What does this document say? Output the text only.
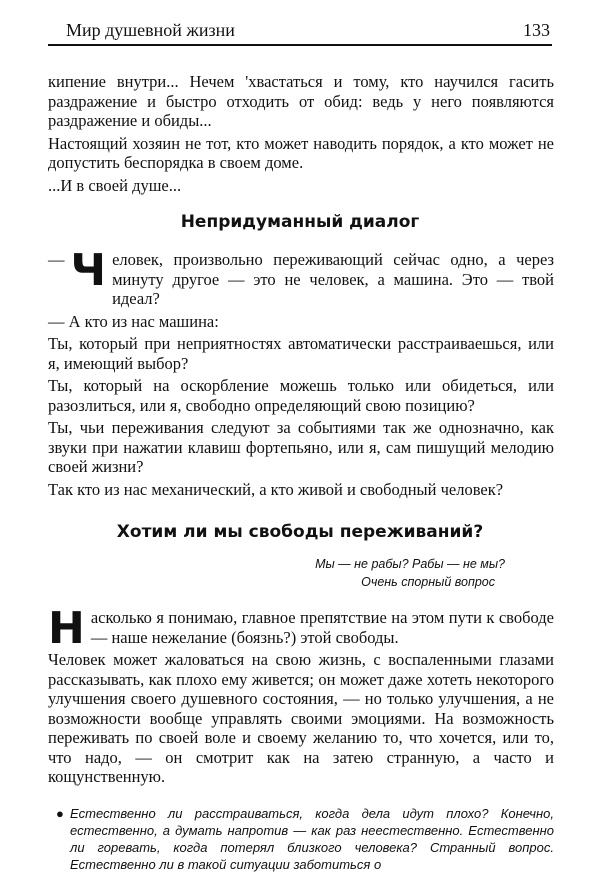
Мир душевной жизни	133

кипение внутри... Нечем 'хвастаться и тому, кто научился гасить раздражение и быстро отходить от обид: ведь у него появляются раздражение и обиды...

Настоящий хозяин не тот, кто может наводить порядок, а кто может не допустить беспорядка в своем доме.

...И в своей душе...

Непридуманный диалог

— Ч еловек, произвольно переживающий сейчас одно, а через минуту другое — это не человек, а машина. Это — твой идеал?

— А кто из нас машина:

Ты, который при неприятностях автоматически расстраиваешься, или я, имеющий выбор?

Ты, который на оскорбление можешь только или обидеться, или разозлиться, или я, свободно определяющий свою позицию?

Ты, чьи переживания следуют за событиями так же однозначно, как звуки при нажатии клавиш фортепьяно, или я, сам пишущий мелодию своей жизни?

Так кто из нас механический, а кто живой и свободный человек?

Хотим ли мы свободы переживаний?
Мы — не рабы? Рабы — не мы?
Очень спорный вопрос

Н асколько я понимаю, главное препятствие на этом пути к свободе — наше нежелание (боязнь?) этой свободы.

Человек может жаловаться на свою жизнь, с воспаленными глазами рассказывать, как плохо ему живется; он может даже хотеть некоторого улучшения своего душевного состояния, — но только улучшения, а не возможности вообще управлять своими эмоциями. На возможность переживать по своей воле и своему желанию то, что хочется, или то, что надо, — он смотрит как на затею странную, а часто и кощунственную.

● Естественно ли расстраиваться, когда дела идут плохо? Конечно, естественно, а думать напротив — как раз неестественно. Естественно ли горевать, когда потерял близкого человека? Странный вопрос. Естественно ли в такой ситуации заботиться о
